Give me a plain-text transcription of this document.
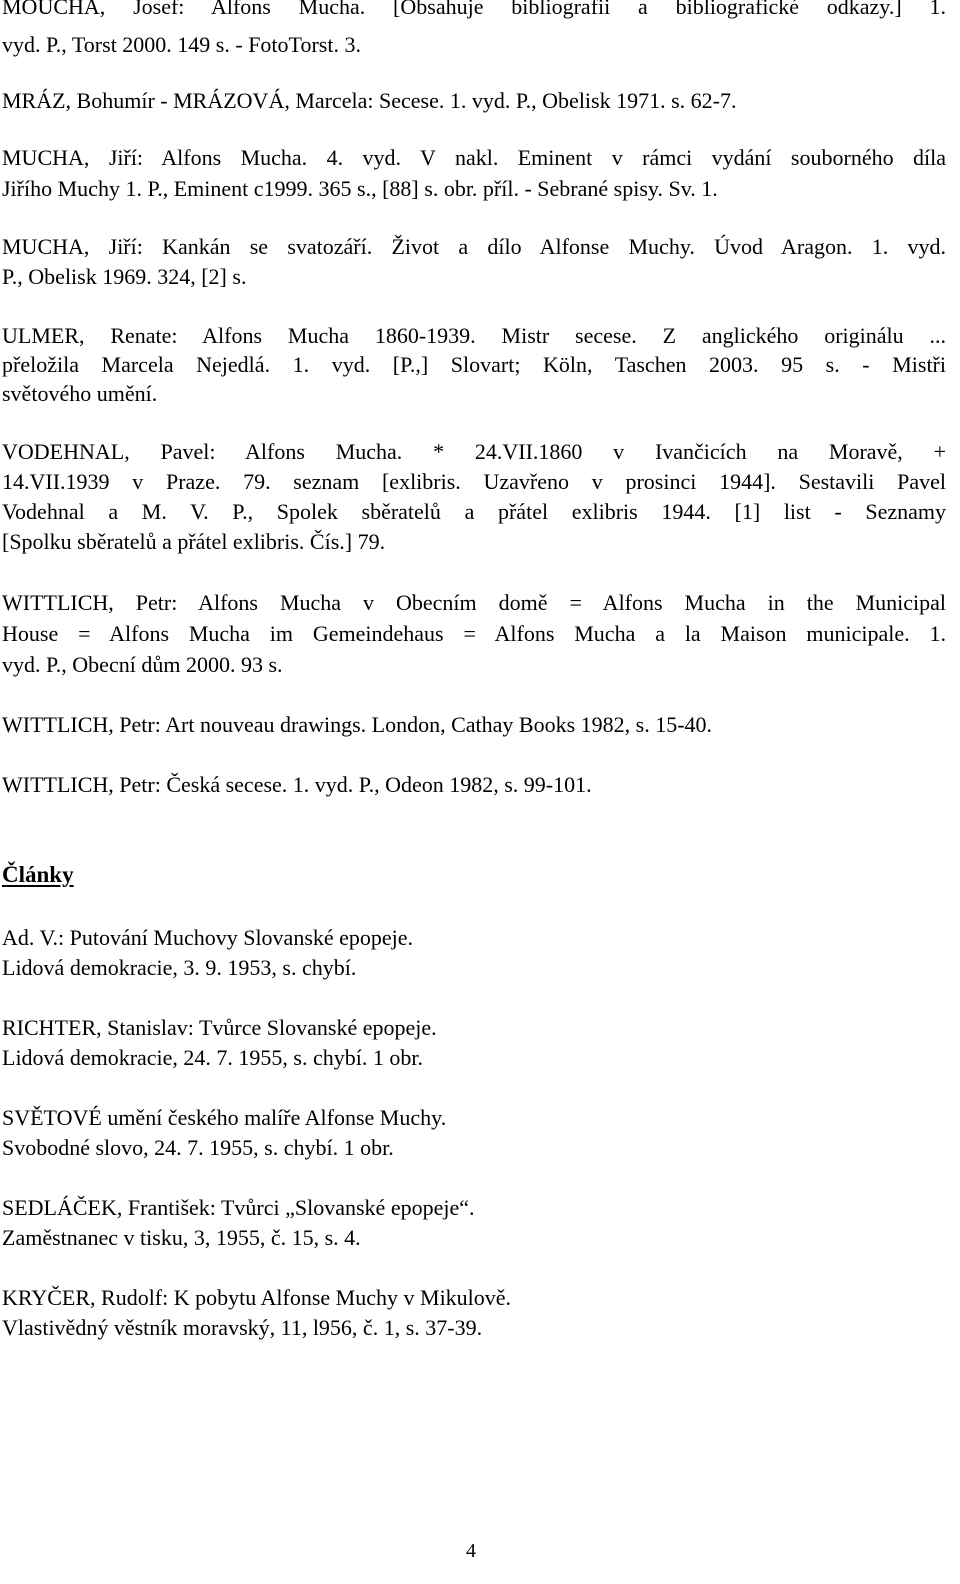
MOUCHA, Josef: Alfons Mucha. [Obsahuje bibliografii a bibliografické odkazy.] 1.

vyd. P., Torst 2000. 149 s. - FotoTorst. 3.

MRÁZ, Bohumír - MRÁZOVÁ, Marcela: Secese. 1. vyd. P., Obelisk 1971. s. 62-7.

MUCHA, Jiří: Alfons Mucha. 4. vyd. V nakl. Eminent v rámci vydání souborného díla

Jiřího Muchy 1. P., Eminent c1999. 365 s., [88] s. obr. příl. - Sebrané spisy. Sv. 1.

MUCHA, Jiří: Kankán se svatozáří. Život a dílo Alfonse Muchy. Úvod Aragon. 1. vyd.

P., Obelisk 1969. 324, [2] s.

ULMER, Renate: Alfons Mucha 1860-1939. Mistr secese. Z anglického originálu ...

přeložila Marcela Nejedlá. 1. vyd. [P.,] Slovart; Köln, Taschen 2003. 95 s. - Mistři

světového umění.

VODEHNAL, Pavel: Alfons Mucha. * 24.VII.1860 v Ivančicích na Moravě, +

14.VII.1939 v Praze. 79. seznam [exlibris. Uzavřeno v prosinci 1944]. Sestavili Pavel

Vodehnal a M. V. P., Spolek sběratelů a přátel exlibris 1944. [1] list - Seznamy

[Spolku sběratelů a přátel exlibris. Čís.] 79.

WITTLICH, Petr: Alfons Mucha v Obecním domě = Alfons Mucha in the Municipal

House = Alfons Mucha im Gemeindehaus = Alfons Mucha a la Maison municipale. 1.

vyd. P., Obecní dům 2000. 93 s.

WITTLICH, Petr: Art nouveau drawings. London, Cathay Books 1982, s. 15-40.

WITTLICH, Petr: Česká secese. 1. vyd. P., Odeon 1982, s. 99-101.

Články

Ad. V.: Putování Muchovy Slovanské epopeje.

Lidová demokracie, 3. 9. 1953, s. chybí.

RICHTER, Stanislav: Tvůrce Slovanské epopeje.

Lidová demokracie, 24. 7. 1955, s. chybí. 1 obr.

SVĚTOVÉ umění českého malíře Alfonse Muchy.

Svobodné slovo, 24. 7. 1955, s. chybí. 1 obr.

SEDLÁČEK, František: Tvůrci „Slovanské epopeje“.

Zaměstnanec v tisku, 3, 1955, č. 15, s. 4.

KRYČER, Rudolf: K pobytu Alfonse Muchy v Mikulově.

Vlastivědný věstník moravský, 11, l956, č. 1, s. 37-39.

4
